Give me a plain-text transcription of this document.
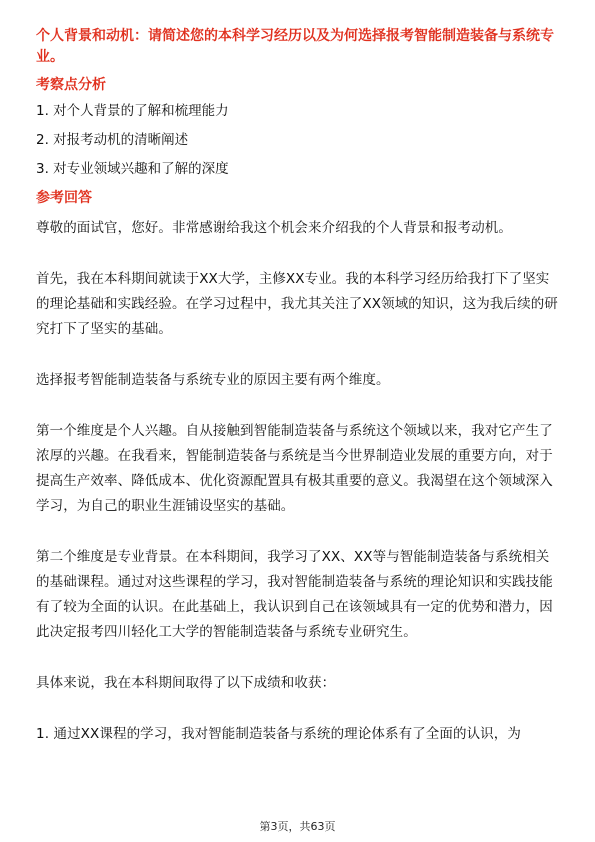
个人背景和动机：请简述您的本科学习经历以及为何选择报考智能制造装备与系统专业。
考察点分析
1. 对个人背景的了解和梳理能力
2. 对报考动机的清晰阐述
3. 对专业领域兴趣和了解的深度
参考回答
尊敬的面试官，您好。非常感谢给我这个机会来介绍我的个人背景和报考动机。
首先，我在本科期间就读于XX大学，主修XX专业。我的本科学习经历给我打下了坚实的理论基础和实践经验。在学习过程中，我尤其关注了XX领域的知识，这为我后续的研究打下了坚实的基础。
选择报考智能制造装备与系统专业的原因主要有两个维度。
第一个维度是个人兴趣。自从接触到智能制造装备与系统这个领域以来，我对它产生了浓厚的兴趣。在我看来，智能制造装备与系统是当今世界制造业发展的重要方向，对于提高生产效率、降低成本、优化资源配置具有极其重要的意义。我渴望在这个领域深入学习，为自己的职业生涯铺设坚实的基础。
第二个维度是专业背景。在本科期间，我学习了XX、XX等与智能制造装备与系统相关的基础课程。通过对这些课程的学习，我对智能制造装备与系统的理论知识和实践技能有了较为全面的认识。在此基础上，我认识到自己在该领域具有一定的优势和潜力，因此决定报考四川轻化工大学的智能制造装备与系统专业研究生。
具体来说，我在本科期间取得了以下成绩和收获：
1. 通过XX课程的学习，我对智能制造装备与系统的理论体系有了全面的认识，为
第3页，共63页
